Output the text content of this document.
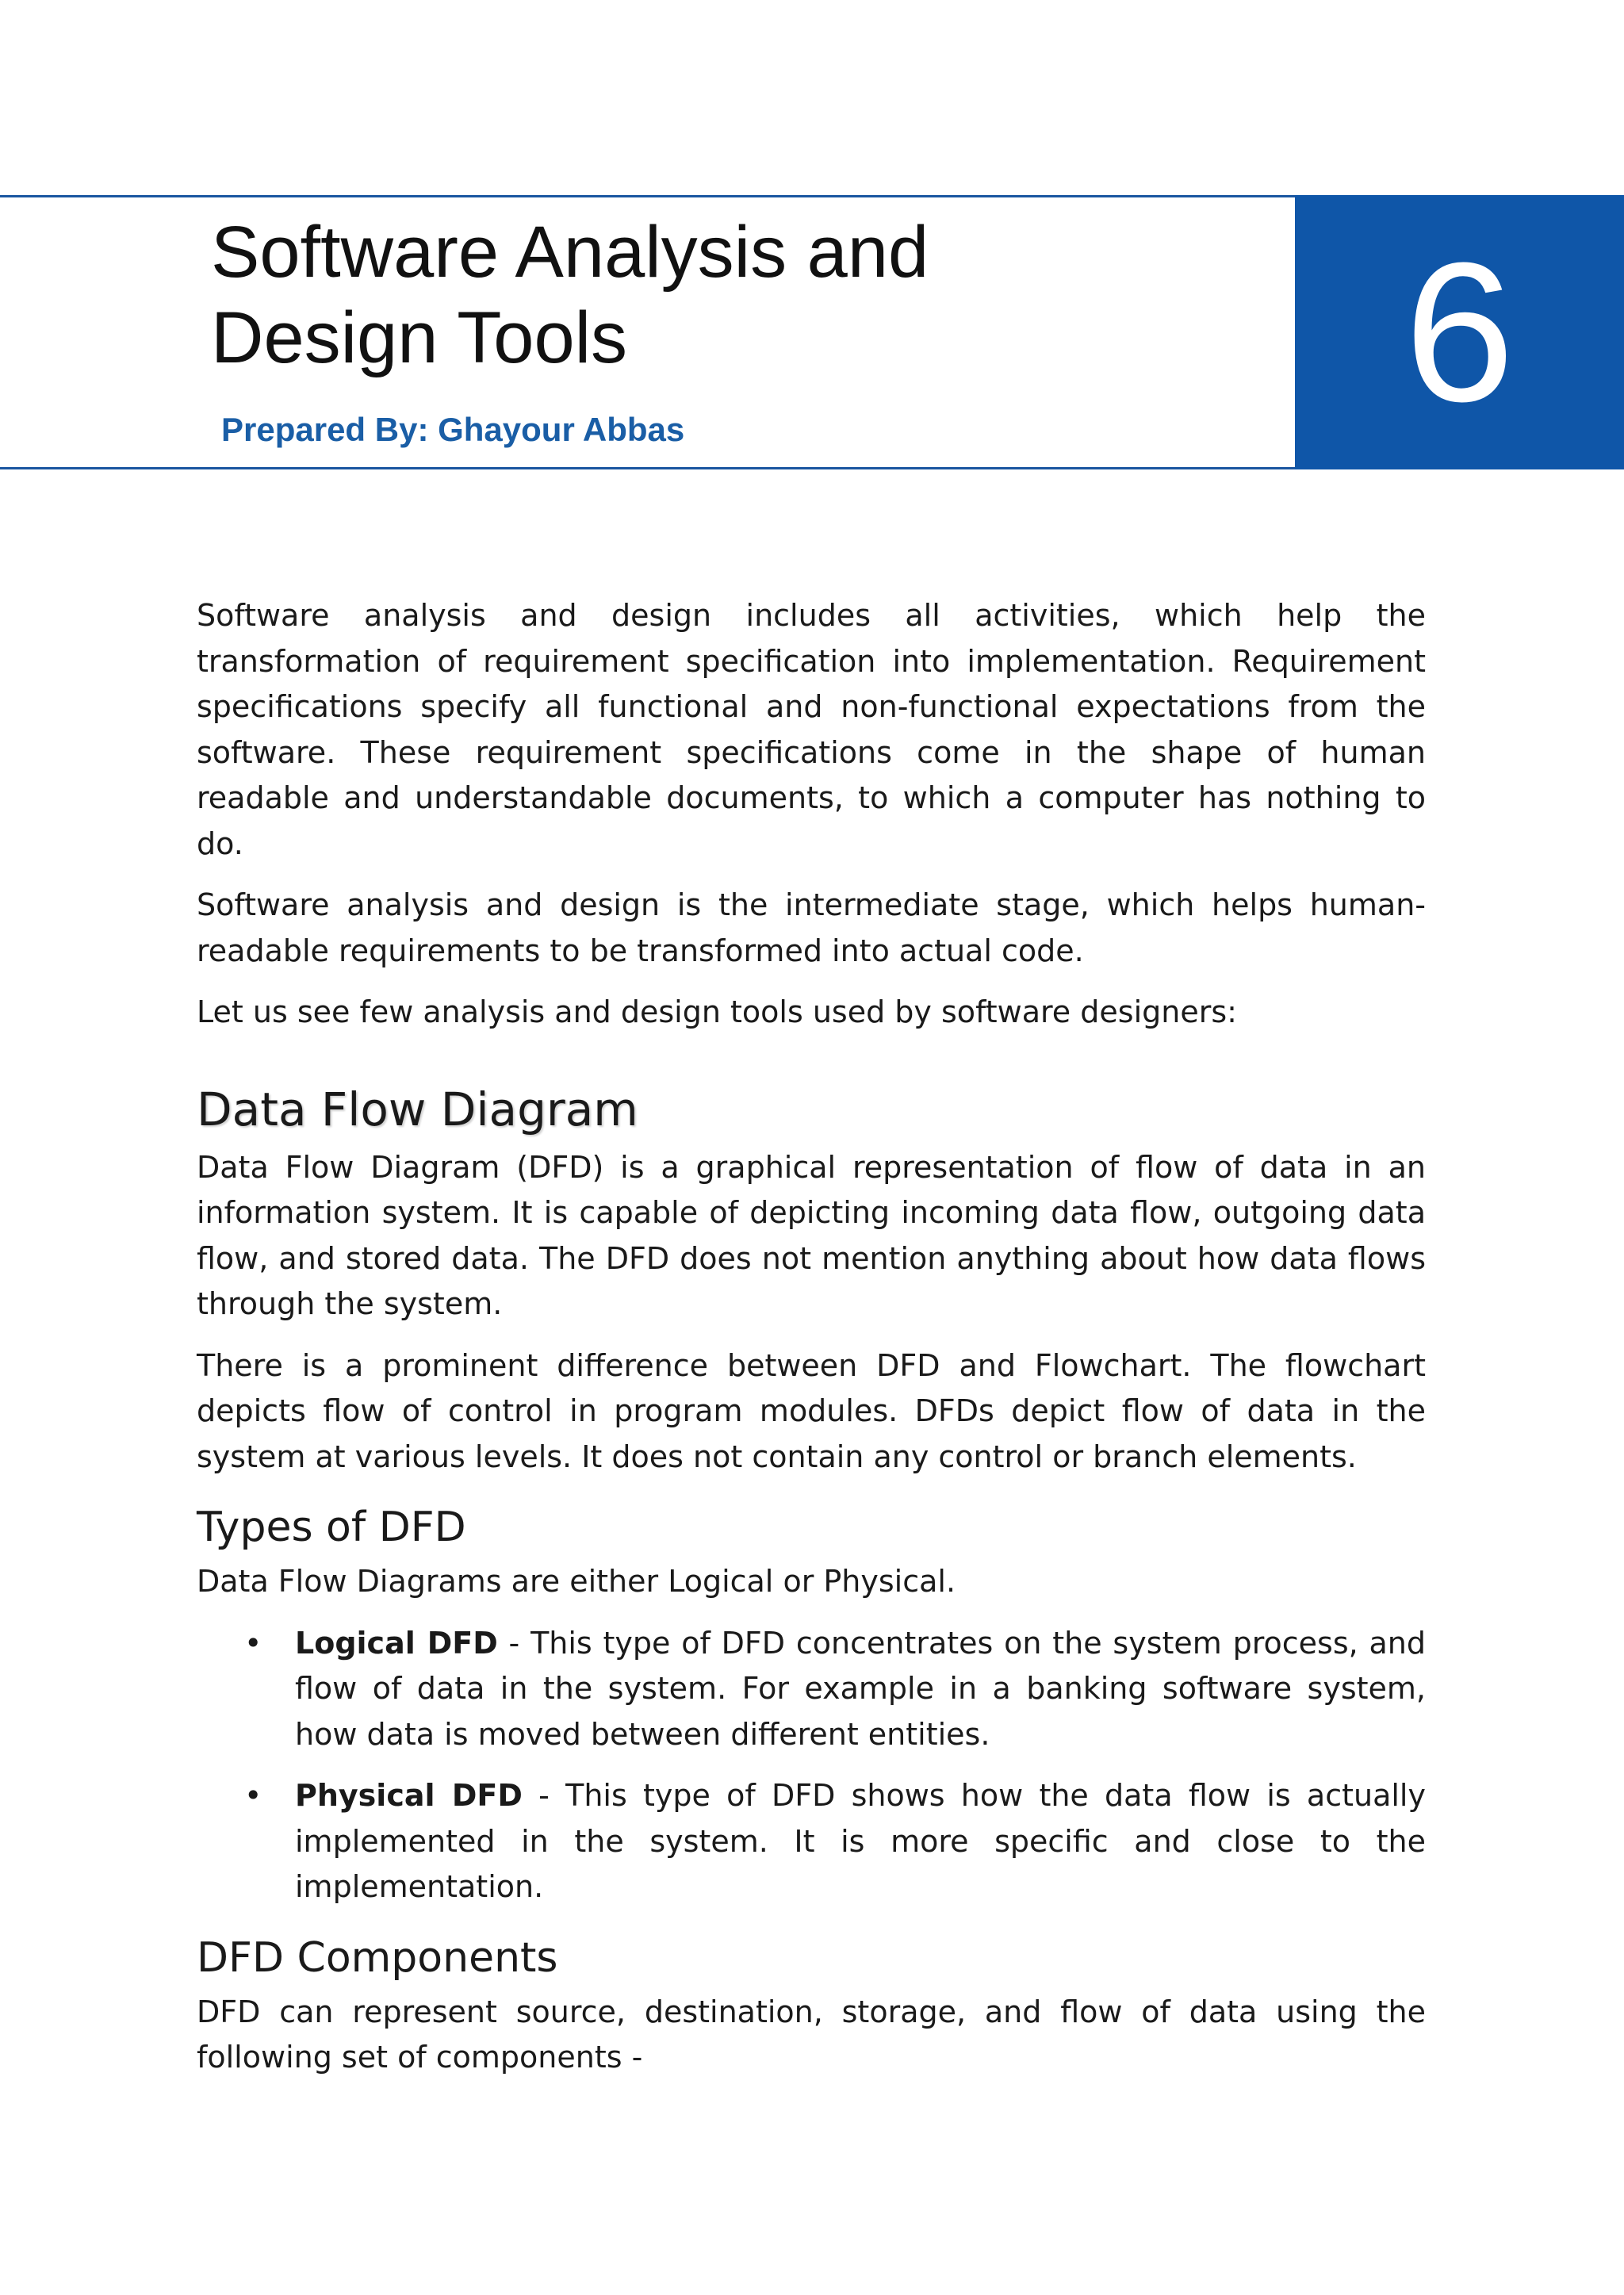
Software Analysis and
Design Tools
Prepared By: Ghayour Abbas	6

Software analysis and design includes all activities, which help the transformation of requirement specification into implementation. Requirement specifications specify all functional and non-functional expectations from the software. These requirement specifications come in the shape of human readable and understandable documents, to which a computer has nothing to do.

Software analysis and design is the intermediate stage, which helps human-readable requirements to be transformed into actual code.

Let us see few analysis and design tools used by software designers:

Data Flow Diagram

Data Flow Diagram (DFD) is a graphical representation of flow of data in an information system. It is capable of depicting incoming data flow, outgoing data flow, and stored data. The DFD does not mention anything about how data flows through the system.

There is a prominent difference between DFD and Flowchart. The flowchart depicts flow of control in program modules. DFDs depict flow of data in the system at various levels. It does not contain any control or branch elements.

Types of DFD

Data Flow Diagrams are either Logical or Physical.

• Logical DFD - This type of DFD concentrates on the system process, and flow of data in the system. For example in a banking software system, how data is moved between different entities.
• Physical DFD - This type of DFD shows how the data flow is actually implemented in the system. It is more specific and close to the implementation.
DFD Components

DFD can represent source, destination, storage, and flow of data using the following set of components -
